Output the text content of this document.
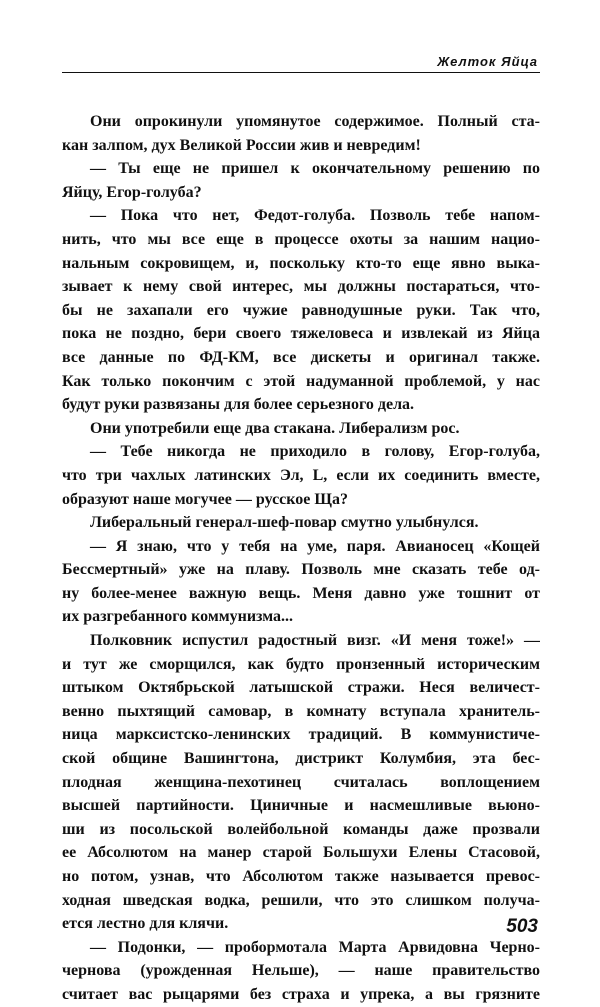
Желток Яйца
Они опрокинули упомянутое содержимое. Полный ста-
кан залпом, дух Великой России жив и невредим!
— Ты еще не пришел к окончательному решению по
Яйцу, Егор-голуба?
— Пока что нет, Федот-голуба. Позволь тебе напом-
нить, что мы все еще в процессе охоты за нашим нацио-
нальным сокровищем, и, поскольку кто-то еще явно выка-
зывает к нему свой интерес, мы должны постараться, что-
бы не захапали его чужие равнодушные руки. Так что,
пока не поздно, бери своего тяжеловеса и извлекай из Яйца
все данные по ФД-КМ, все дискеты и оригинал также.
Как только покончим с этой надуманной проблемой, у нас
будут руки развязаны для более серьезного дела.
Они употребили еще два стакана. Либерализм рос.
— Тебе никогда не приходило в голову, Егор-голуба,
что три чахлых латинских Эл, L, если их соединить вместе,
образуют наше могучее — русское Ща?
Либеральный генерал-шеф-повар смутно улыбнулся.
— Я знаю, что у тебя на уме, паря. Авианосец «Кощей
Бессмертный» уже на плаву. Позволь мне сказать тебе од-
ну более-менее важную вещь. Меня давно уже тошнит от
их разгребанного коммунизма...
Полковник испустил радостный визг. «И меня тоже!» —
и тут же сморщился, как будто пронзенный историческим
штыком Октябрьской латышской стражи. Неся величест-
венно пыхтящий самовар, в комнату вступала хранитель-
ница марксистско-ленинских традиций. В коммунистиче-
ской общине Вашингтона, дистрикт Колумбия, эта бес-
плодная женщина-пехотинец считалась воплощением
высшей партийности. Циничные и насмешливые вьюно-
ши из посольской волейбольной команды даже прозвали
ее Абсолютом на манер старой Большухи Елены Стасовой,
но потом, узнав, что Абсолютом также называется превос-
ходная шведская водка, решили, что это слишком получа-
ется лестно для клячи.
— Подонки, — пробормотала Марта Арвидовна Черно-
чернова (урожденная Нельше), — наше правительство
считает вас рыцарями без страха и упрека, а вы грязните
503
